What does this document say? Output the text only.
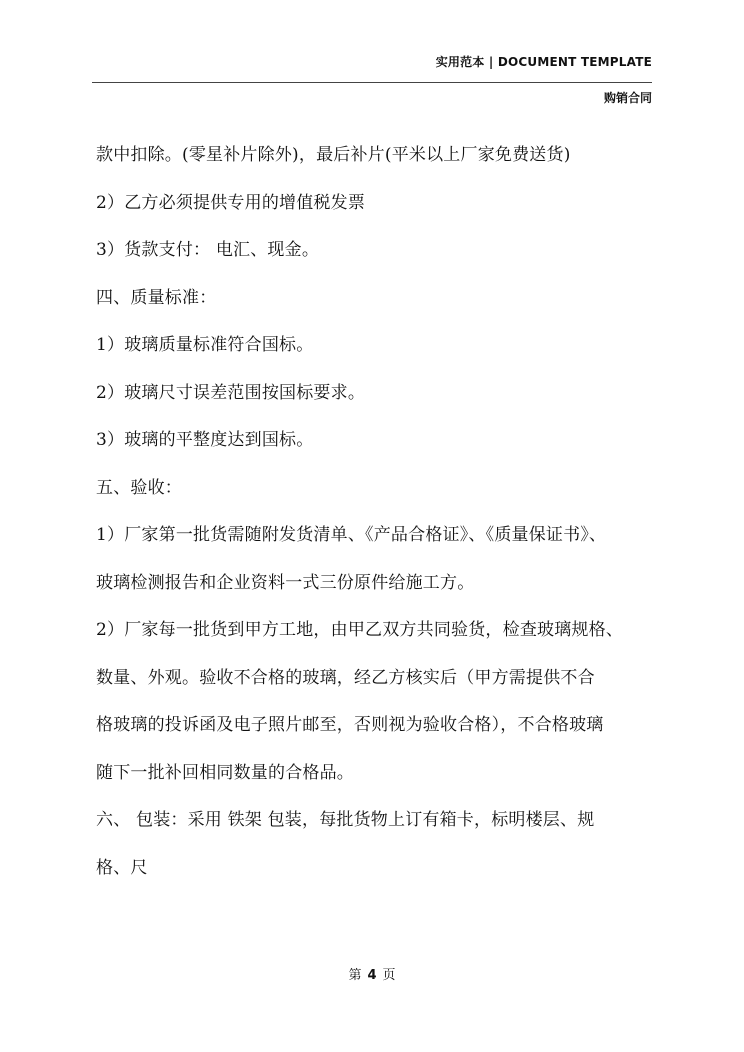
实用范本 | DOCUMENT TEMPLATE
购销合同
款中扣除。(零星补片除外)，最后补片(平米以上厂家免费送货)
2）乙方必须提供专用的增值税发票
3）货款支付： 电汇、现金。
四、质量标准：
1）玻璃质量标准符合国标。
2）玻璃尺寸误差范围按国标要求。
3）玻璃的平整度达到国标。
五、验收：
1）厂家第一批货需随附发货清单、《产品合格证》、《质量保证书》、
玻璃检测报告和企业资料一式三份原件给施工方。
2）厂家每一批货到甲方工地，由甲乙双方共同验货，检查玻璃规格、
数量、外观。验收不合格的玻璃，经乙方核实后（甲方需提供不合
格玻璃的投诉函及电子照片邮至，否则视为验收合格），不合格玻璃
随下一批补回相同数量的合格品。
六、 包装：采用 铁架 包装，每批货物上订有箱卡，标明楼层、规
格、尺
第 4 页
